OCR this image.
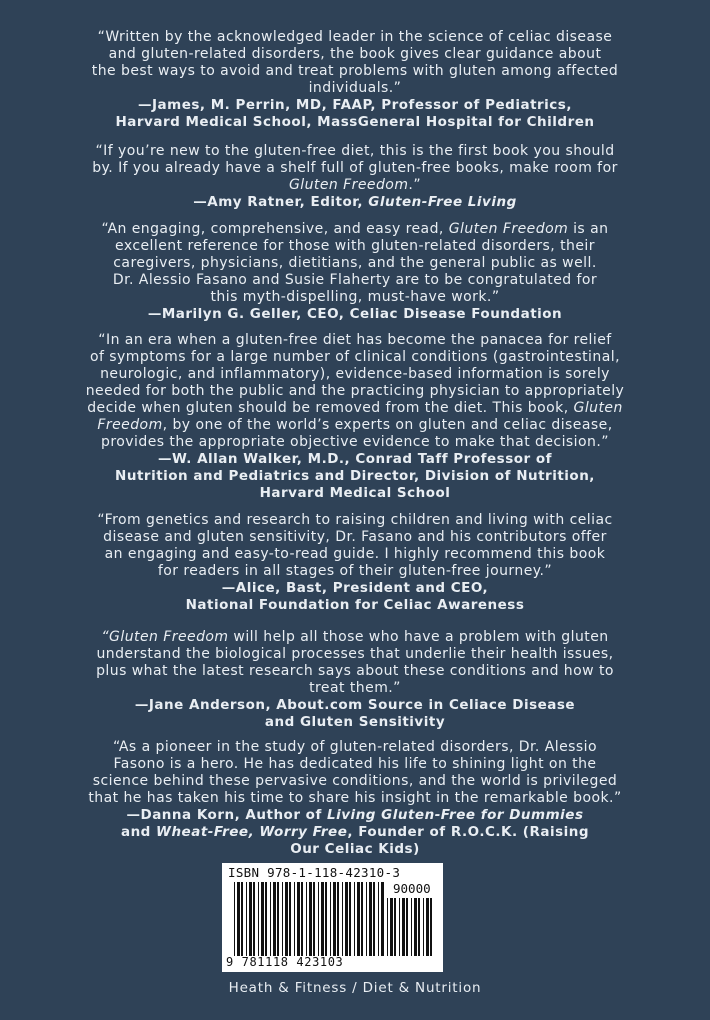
“Written by the acknowledged leader in the science of celiac disease

and gluten-related disorders, the book gives clear guidance about

the best ways to avoid and treat problems with gluten among affected

individuals.”

—James, M. Perrin, MD, FAAP, Professor of Pediatrics,

Harvard Medical School, MassGeneral Hospital for Children

“If you’re new to the gluten-free diet, this is the first book you should

by. If you already have a shelf full of gluten-free books, make room for

Gluten Freedom.”

—Amy Ratner, Editor, Gluten-Free Living

“An engaging, comprehensive, and easy read, Gluten Freedom is an

excellent reference for those with gluten-related disorders, their

caregivers, physicians, dietitians, and the general public as well.

Dr. Alessio Fasano and Susie Flaherty are to be congratulated for

this myth-dispelling, must-have work.”

—Marilyn G. Geller, CEO, Celiac Disease Foundation

“In an era when a gluten-free diet has become the panacea for relief

of symptoms for a large number of clinical conditions (gastrointestinal,

neurologic, and inflammatory), evidence-based information is sorely

needed for both the public and the practicing physician to appropriately

decide when gluten should be removed from the diet. This book, Gluten

Freedom, by one of the world’s experts on gluten and celiac disease,

provides the appropriate objective evidence to make that decision.”

—W. Allan Walker, M.D., Conrad Taff Professor of

Nutrition and Pediatrics and Director, Division of Nutrition,

Harvard Medical School

“From genetics and research to raising children and living with celiac

disease and gluten sensitivity, Dr. Fasano and his contributors offer

an engaging and easy-to-read guide. I highly recommend this book

for readers in all stages of their gluten-free journey.”

—Alice, Bast, President and CEO,

National Foundation for Celiac Awareness

“Gluten Freedom will help all those who have a problem with gluten

understand the biological processes that underlie their health issues,

plus what the latest research says about these conditions and how to

treat them.”

—Jane Anderson, About.com Source in Celiace Disease

and Gluten Sensitivity

“As a pioneer in the study of gluten-related disorders, Dr. Alessio

Fasono is a hero. He has dedicated his life to shining light on the

science behind these pervasive conditions, and the world is privileged

that he has taken his time to share his insight in the remarkable book.”

—Danna Korn, Author of Living Gluten-Free for Dummies

and Wheat-Free, Worry Free, Founder of R.O.C.K. (Raising

Our Celiac Kids)

ISBN 978-1-118-42310-3
90000
9 781118 423103
Heath & Fitness / Diet & Nutrition
